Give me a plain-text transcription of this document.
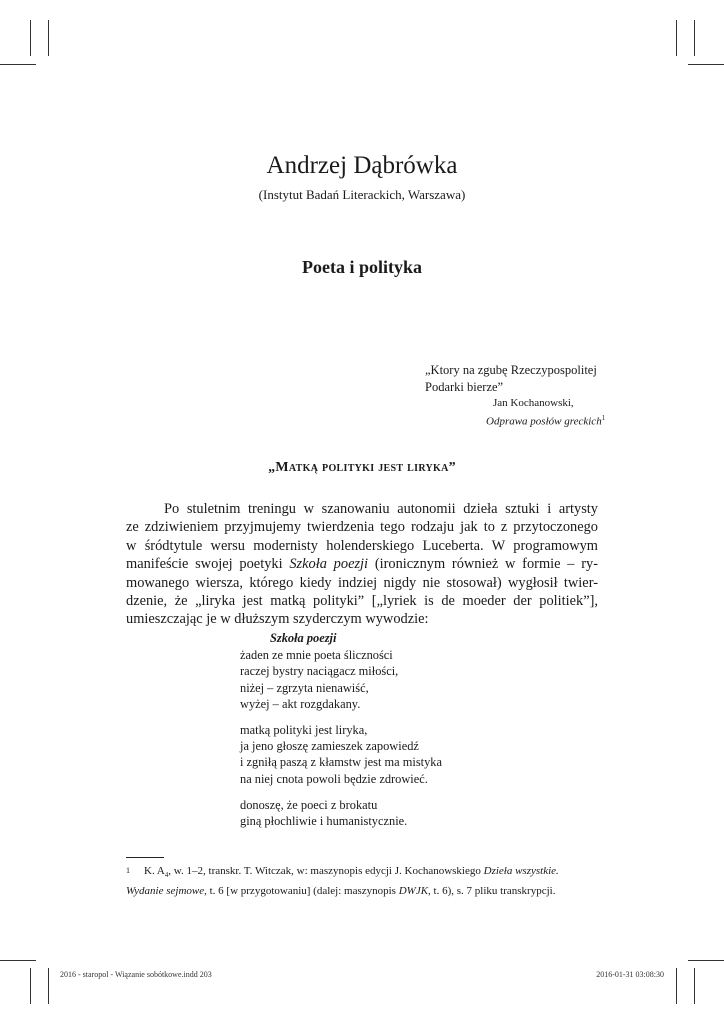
Andrzej Dąbrówka
(Instytut Badań Literackich, Warszawa)
Poeta i polityka
„Ktory na zgubę Rzeczypospolitej
Podarki bierze”
Jan Kochanowski,
Odprawa posłów greckich$^1$
„Matką polityki jest liryka”
Po stuletnim treningu w szanowaniu autonomii dzieła sztuki i artysty
ze zdziwieniem przyjmujemy twierdzenia tego rodzaju jak to z przytoczonego
w śródtytule wersu modernisty holenderskiego Luceberta. W programowym
manifeście swojej poetyki Szkoła poezji (ironicznym również w formie – ry-
mowanego wiersza, którego kiedy indziej nigdy nie stosował) wygłosił twier-
dzenie, że „liryka jest matką polityki” [„lyriek is de moeder der politiek”],
umieszczając je w dłuższym szyderczym wywodzie:
Szkoła poezji
żaden ze mnie poeta śliczności
raczej bystry naciągacz miłości,
niżej – zgrzyta nienawiść,
wyżej – akt rozgdakany.
matką polityki jest liryka,
ja jeno głoszę zamieszek zapowiedź
i zgniłą paszą z kłamstw jest ma mistyka
na niej cnota powoli będzie zdrowieć.
donoszę, że poeci z brokatu
giną płochliwie i humanistycznie.
1	K. $A_4$, w. 1–2, transkr. T. Witczak, w: maszynopis edycji J. Kochanowskiego Dzieła wszystkie.
Wydanie sejmowe, t. 6 [w przygotowaniu] (dalej: maszynopis DWJK, t. 6), s. 7 pliku transkrypcji.
2016 - staropol - Wiązanie sobótkowe.indd 203	2016-01-31 03:08:30
